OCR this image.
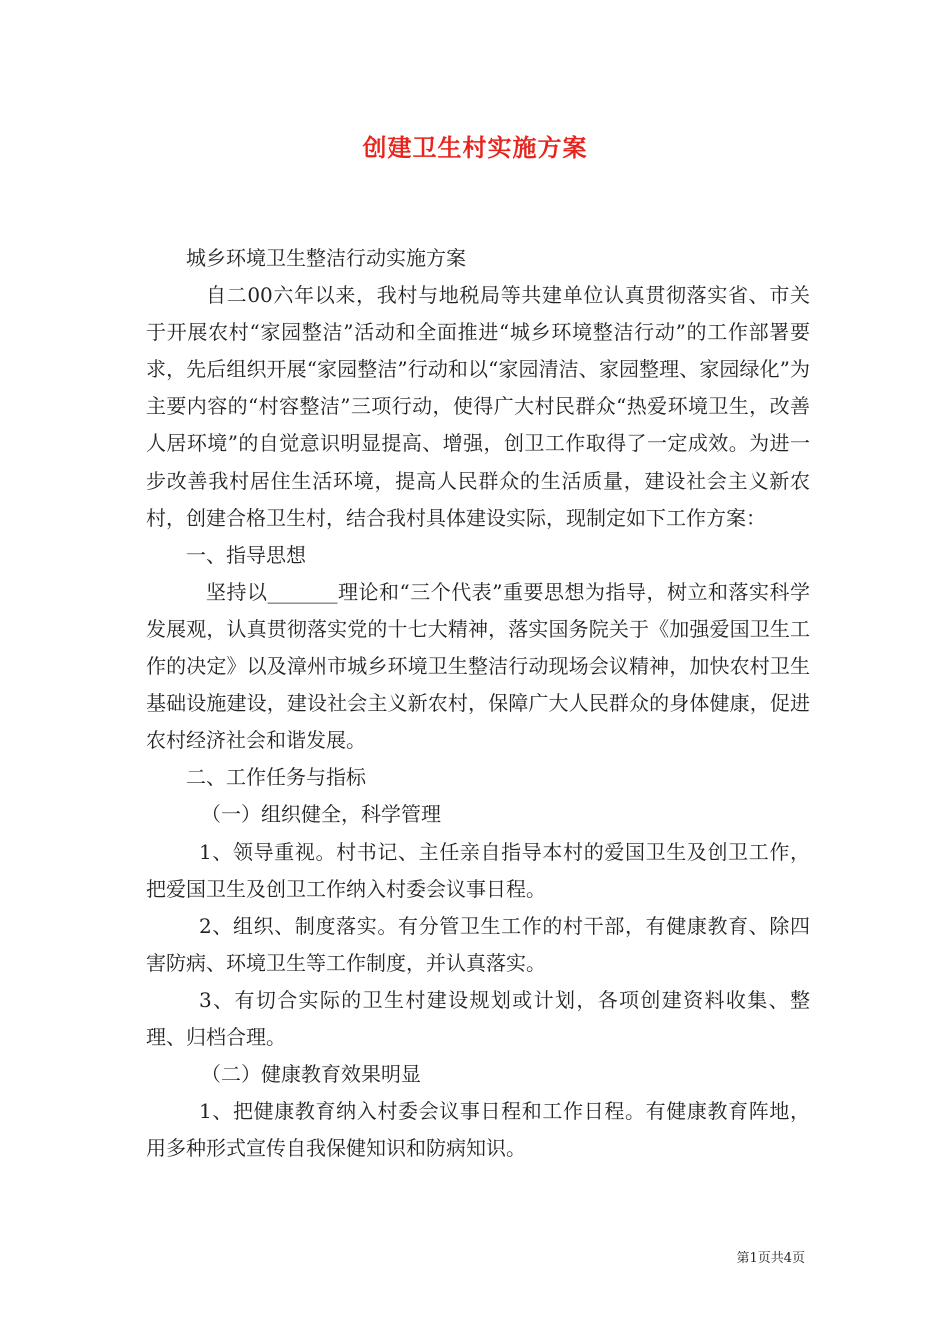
创建卫生村实施方案

城乡环境卫生整洁行动实施方案

自二00六年以来，我村与地税局等共建单位认真贯彻落实省、市关于开展农村“家园整洁”活动和全面推进“城乡环境整洁行动”的工作部署要求，先后组织开展“家园整洁”行动和以“家园清洁、家园整理、家园绿化”为主要内容的“村容整洁”三项行动，使得广大村民群众“热爱环境卫生，改善人居环境”的自觉意识明显提高、增强，创卫工作取得了一定成效。为进一步改善我村居住生活环境，提高人民群众的生活质量，建设社会主义新农村，创建合格卫生村，结合我村具体建设实际，现制定如下工作方案：

一、指导思想

坚持以_______理论和“三个代表”重要思想为指导，树立和落实科学发展观，认真贯彻落实党的十七大精神，落实国务院关于《加强爱国卫生工作的决定》以及漳州市城乡环境卫生整洁行动现场会议精神，加快农村卫生基础设施建设，建设社会主义新农村，保障广大人民群众的身体健康，促进农村经济社会和谐发展。

二、工作任务与指标

（一）组织健全，科学管理

1、领导重视。村书记、主任亲自指导本村的爱国卫生及创卫工作，把爱国卫生及创卫工作纳入村委会议事日程。

2、组织、制度落实。有分管卫生工作的村干部，有健康教育、除四害防病、环境卫生等工作制度，并认真落实。

3、有切合实际的卫生村建设规划或计划，各项创建资料收集、整理、归档合理。

（二）健康教育效果明显

1、把健康教育纳入村委会议事日程和工作日程。有健康教育阵地，用多种形式宣传自我保健知识和防病知识。

第1页共4页
